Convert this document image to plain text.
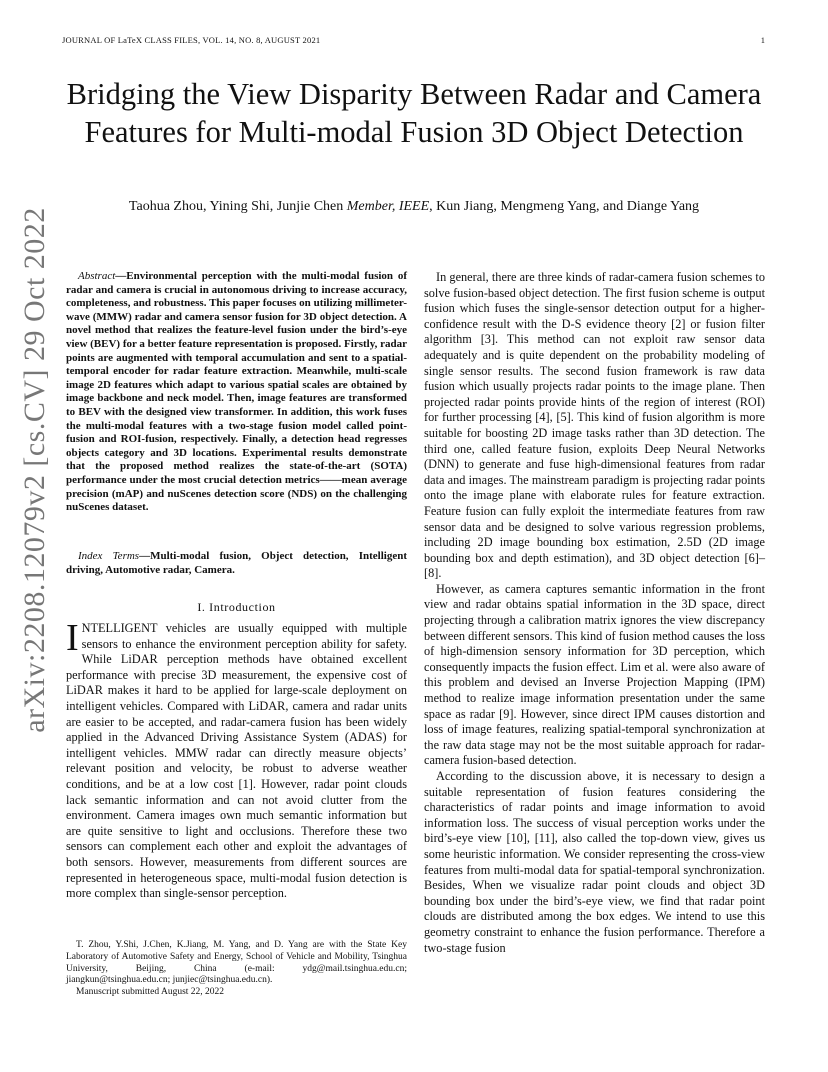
JOURNAL OF LaTeX CLASS FILES, VOL. 14, NO. 8, AUGUST 2021	1
Bridging the View Disparity Between Radar and Camera Features for Multi-modal Fusion 3D Object Detection
Taohua Zhou, Yining Shi, Junjie Chen Member, IEEE, Kun Jiang, Mengmeng Yang, and Diange Yang
arXiv:2208.12079v2 [cs.CV] 29 Oct 2022	Abstract—Environmental perception with the multi-modal fusion of radar and camera is crucial in autonomous driving to increase accuracy, completeness, and robustness. This paper focuses on utilizing millimeter-wave (MMW) radar and camera sensor fusion for 3D object detection. A novel method that realizes the feature-level fusion under the bird’s-eye view (BEV) for a better feature representation is proposed. Firstly, radar points are augmented with temporal accumulation and sent to a spatial-temporal encoder for radar feature extraction. Meanwhile, multi-scale image 2D features which adapt to various spatial scales are obtained by image backbone and neck model. Then, image features are transformed to BEV with the designed view transformer. In addition, this work fuses the multi-modal features with a two-stage fusion model called point-fusion and ROI-fusion, respectively. Finally, a detection head regresses objects category and 3D locations. Experimental results demonstrate that the proposed method realizes the state-of-the-art (SOTA) performance under the most crucial detection metrics——mean average precision (mAP) and nuScenes detection score (NDS) on the challenging nuScenes dataset.

Index Terms—Multi-modal fusion, Object detection, Intelligent driving, Automotive radar, Camera.

I. Introduction

INTELLIGENT vehicles are usually equipped with multiple sensors to enhance the environment perception ability for safety. While LiDAR perception methods have obtained excellent performance with precise 3D measurement, the expensive cost of LiDAR makes it hard to be applied for large-scale deployment on intelligent vehicles. Compared with LiDAR, camera and radar units are easier to be accepted, and radar-camera fusion has been widely applied in the Advanced Driving Assistance System (ADAS) for intelligent vehicles. MMW radar can directly measure objects’ relevant position and velocity, be robust to adverse weather conditions, and be at a low cost [1]. However, radar point clouds lack semantic information and can not avoid clutter from the environment. Camera images own much semantic information but are quite sensitive to light and occlusions. Therefore these two sensors can complement each other and exploit the advantages of both sensors. However, measurements from different sources are represented in heterogeneous space, multi-modal fusion detection is more complex than single-sensor perception.

T. Zhou, Y.Shi, J.Chen, K.Jiang, M. Yang, and D. Yang are with the State Key Laboratory of Automotive Safety and Energy, School of Vehicle and Mobility, Tsinghua University, Beijing, China (e-mail: ydg@mail.tsinghua.edu.cn; jiangkun@tsinghua.edu.cn; junjiec@tsinghua.edu.cn).

Manuscript submitted August 22, 2022

In general, there are three kinds of radar-camera fusion schemes to solve fusion-based object detection. The first fusion scheme is output fusion which fuses the single-sensor detection output for a higher-confidence result with the D-S evidence theory [2] or fusion filter algorithm [3]. This method can not exploit raw sensor data adequately and is quite dependent on the probability modeling of single sensor results. The second fusion framework is raw data fusion which usually projects radar points to the image plane. Then projected radar points provide hints of the region of interest (ROI) for further processing [4], [5]. This kind of fusion algorithm is more suitable for boosting 2D image tasks rather than 3D detection. The third one, called feature fusion, exploits Deep Neural Networks (DNN) to generate and fuse high-dimensional features from radar data and images. The mainstream paradigm is projecting radar points onto the image plane with elaborate rules for feature extraction. Feature fusion can fully exploit the intermediate features from raw sensor data and be designed to solve various regression problems, including 2D image bounding box estimation, 2.5D (2D image bounding box and depth estimation), and 3D object detection [6]–[8].

However, as camera captures semantic information in the front view and radar obtains spatial information in the 3D space, direct projecting through a calibration matrix ignores the view discrepancy between different sensors. This kind of fusion method causes the loss of high-dimension sensory information for 3D perception, which consequently impacts the fusion effect. Lim et al. were also aware of this problem and devised an Inverse Projection Mapping (IPM) method to realize image information presentation under the same space as radar [9]. However, since direct IPM causes distortion and loss of image features, realizing spatial-temporal synchronization at the raw data stage may not be the most suitable approach for radar-camera fusion-based detection.

According to the discussion above, it is necessary to design a suitable representation of fusion features considering the characteristics of radar points and image information to avoid information loss. The success of visual perception works under the bird’s-eye view [10], [11], also called the top-down view, gives us some heuristic information. We consider representing the cross-view features from multi-modal data for spatial-temporal synchronization. Besides, When we visualize radar point clouds and object 3D bounding box under the bird’s-eye view, we find that radar point clouds are distributed among the box edges. We intend to use this geometry constraint to enhance the fusion performance. Therefore a two-stage fusion
